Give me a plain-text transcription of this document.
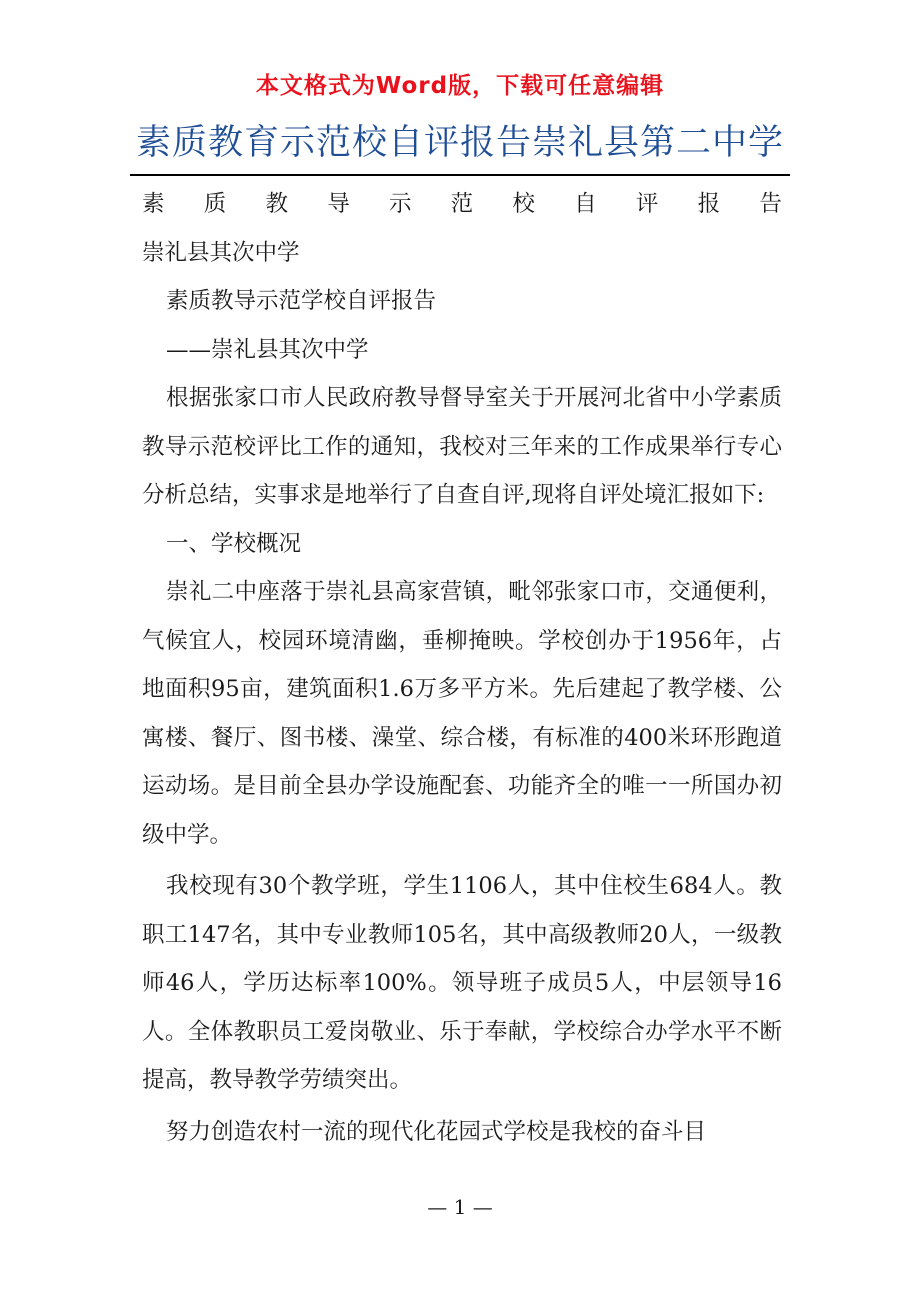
本文格式为Word版，下载可任意编辑
素质教育示范校自评报告崇礼县第二中学

素 质 教 导 示 范 校 自 评 报 告

崇礼县其次中学

素质教导示范学校自评报告

——崇礼县其次中学

根据张家口市人民政府教导督导室关于开展河北省中小学素质教导示范校评比工作的通知，我校对三年来的工作成果举行专心分析总结，实事求是地举行了自查自评,现将自评处境汇报如下:

一、学校概况

崇礼二中座落于崇礼县高家营镇，毗邻张家口市，交通便利，气候宜人，校园环境清幽，垂柳掩映。学校创办于1956年，占地面积95亩，建筑面积1.6万多平方米。先后建起了教学楼、公寓楼、餐厅、图书楼、澡堂、综合楼，有标准的400米环形跑道运动场。是目前全县办学设施配套、功能齐全的唯一一所国办初级中学。

我校现有30个教学班，学生1106人，其中住校生684人。教职工147名，其中专业教师105名，其中高级教师20人，一级教师46人，学历达标率100%。领导班子成员5人，中层领导16人。全体教职员工爱岗敬业、乐于奉献，学校综合办学水平不断提高，教导教学劳绩突出。

努力创造农村一流的现代化花园式学校是我校的奋斗目

— 1 —
